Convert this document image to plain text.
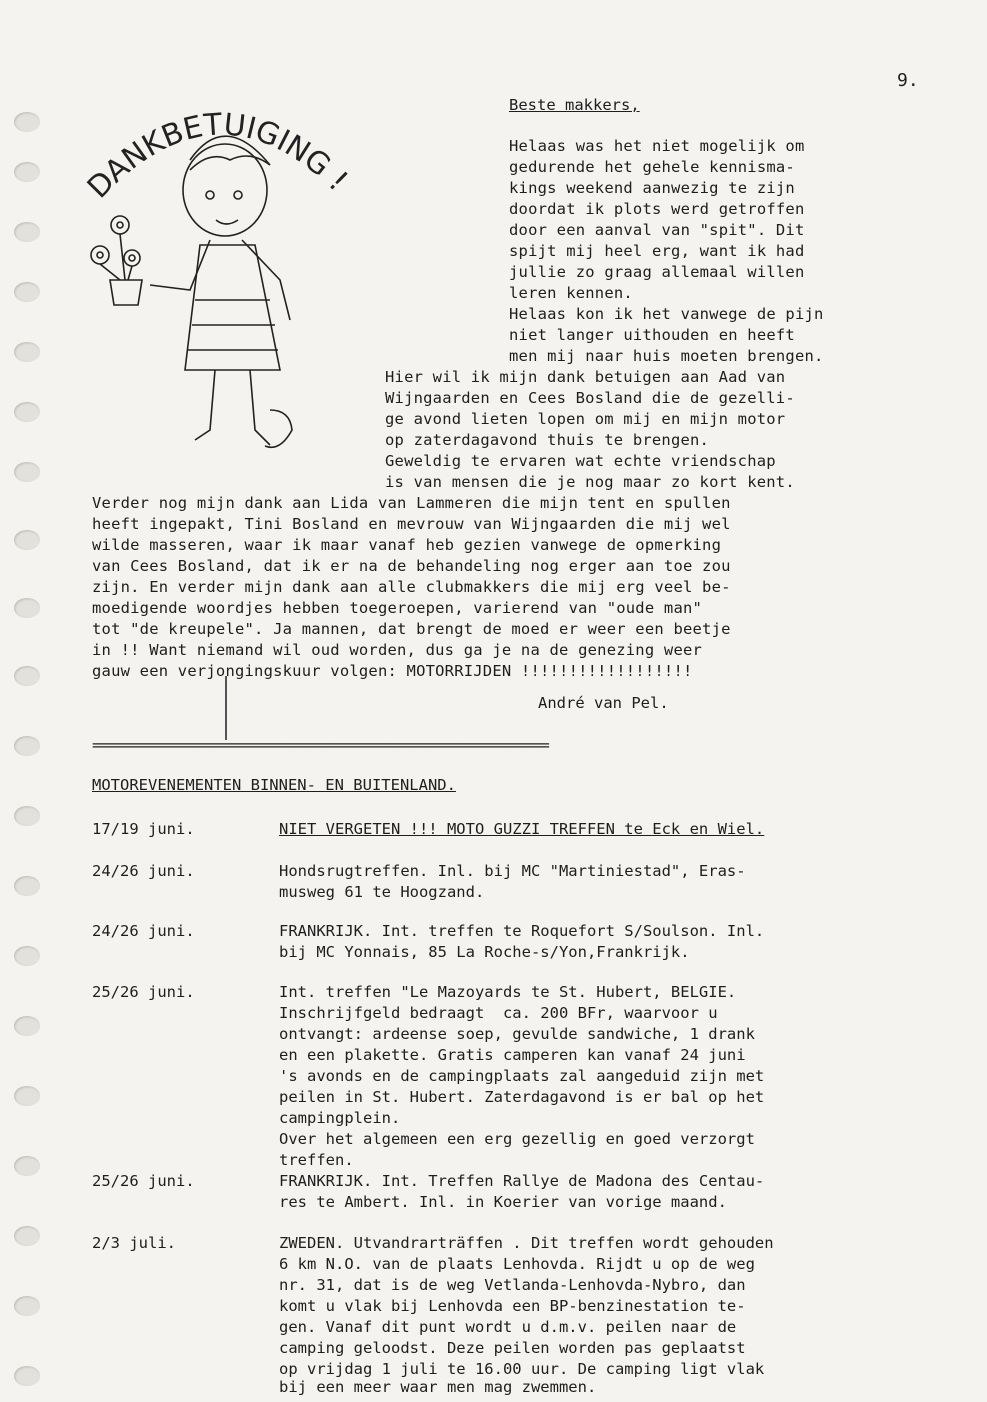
9.
DANKBETUIGING !
Beste makkers,
Helaas was het niet mogelijk om
gedurende het gehele kennisma-
kings weekend aanwezig te zijn
doordat ik plots werd getroffen
door een aanval van "spit". Dit
spijt mij heel erg, want ik had
jullie zo graag allemaal willen
leren kennen.
Helaas kon ik het vanwege de pijn
niet langer uithouden en heeft
men mij naar huis moeten brengen.
Hier wil ik mijn dank betuigen aan Aad van
Wijngaarden en Cees Bosland die de gezelli-
ge avond lieten lopen om mij en mijn motor
op zaterdagavond thuis te brengen.
Geweldig te ervaren wat echte vriendschap
is van mensen die je nog maar zo kort kent.
Verder nog mijn dank aan Lida van Lammeren die mijn tent en spullen
heeft ingepakt, Tini Bosland en mevrouw van Wijngaarden die mij wel
wilde masseren, waar ik maar vanaf heb gezien vanwege de opmerking
van Cees Bosland, dat ik er na de behandeling nog erger aan toe zou
zijn. En verder mijn dank aan alle clubmakkers die mij erg veel be-
moedigende woordjes hebben toegeroepen, varierend van "oude man"
tot "de kreupele". Ja mannen, dat brengt de moed er weer een beetje
in !! Want niemand wil oud worden, dus ga je na de genezing weer
gauw een verjongingskuur volgen: MOTORRIJDEN !!!!!!!!!!!!!!!!!!
André van Pel.
===========================================================
MOTOREVENEMENTEN BINNEN- EN BUITENLAND.
17/19 juni.	NIET VERGETEN !!! MOTO GUZZI TREFFEN te Eck en Wiel.
24/26 juni.	Hondsrugtreffen. Inl. bij MC "Martiniestad", Eras-
musweg 61 te Hoogzand.
24/26 juni.	FRANKRIJK. Int. treffen te Roquefort S/Soulson. Inl.
bij MC Yonnais, 85 La Roche-s/Yon,Frankrijk.
25/26 juni.	Int. treffen "Le Mazoyards te St. Hubert, BELGIE.
Inschrijfgeld bedraagt  ca. 200 BFr, waarvoor u
ontvangt: ardeense soep, gevulde sandwiche, 1 drank
en een plakette. Gratis camperen kan vanaf 24 juni
's avonds en de campingplaats zal aangeduid zijn met
peilen in St. Hubert. Zaterdagavond is er bal op het
campingplein.
Over het algemeen een erg gezellig en goed verzorgt
treffen.
25/26 juni.	FRANKRIJK. Int. Treffen Rallye de Madona des Centau-
res te Ambert. Inl. in Koerier van vorige maand.
2/3 juli.	ZWEDEN. Utvandrarträffen . Dit treffen wordt gehouden
6 km N.O. van de plaats Lenhovda. Rijdt u op de weg
nr. 31, dat is de weg Vetlanda-Lenhovda-Nybro, dan
komt u vlak bij Lenhovda een BP-benzinestation te-
gen. Vanaf dit punt wordt u d.m.v. peilen naar de
camping geloodst. Deze peilen worden pas geplaatst
op vrijdag 1 juli te 16.00 uur. De camping ligt vlak
bij een meer waar men mag zwemmen.
